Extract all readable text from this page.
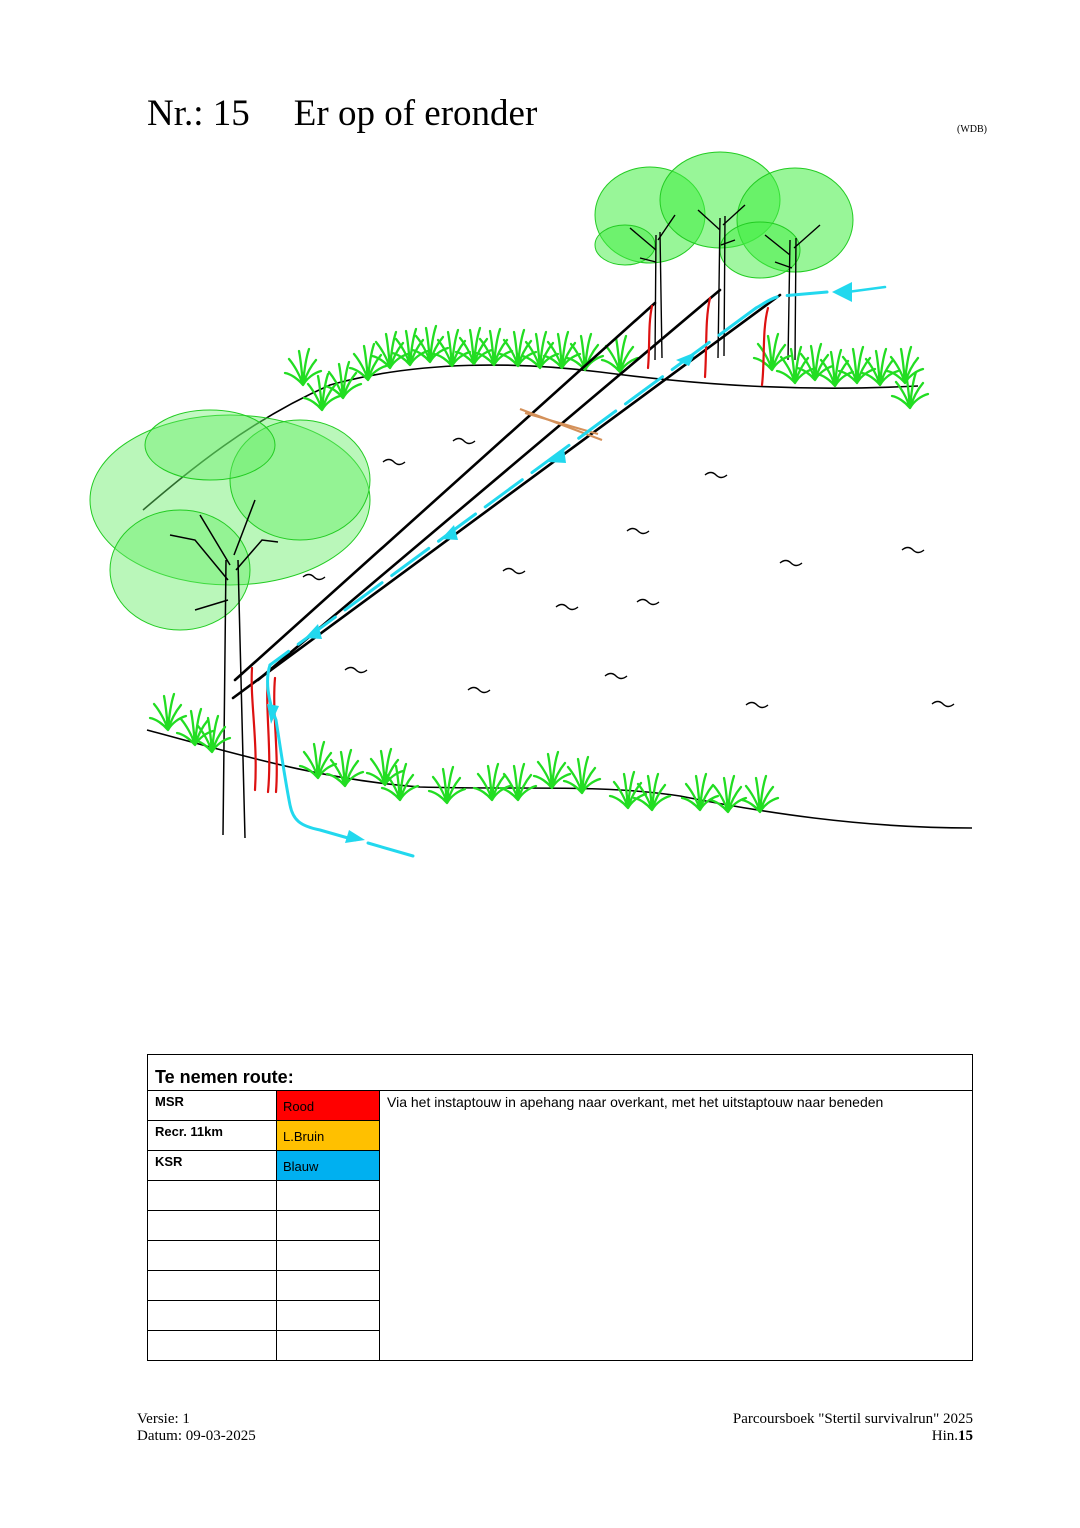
Nr.: 15 Er op of eronder	(WDB)
Te nemen route:
MSR	Rood
Recr. 11km	L.Bruin
KSR	Blauw
Via het instaptouw in apehang naar overkant, met het uitstaptouw naar beneden
Versie: 1
Datum: 09-03-2025
Parcoursboek "Stertil survivalrun" 2025
Hin.15
